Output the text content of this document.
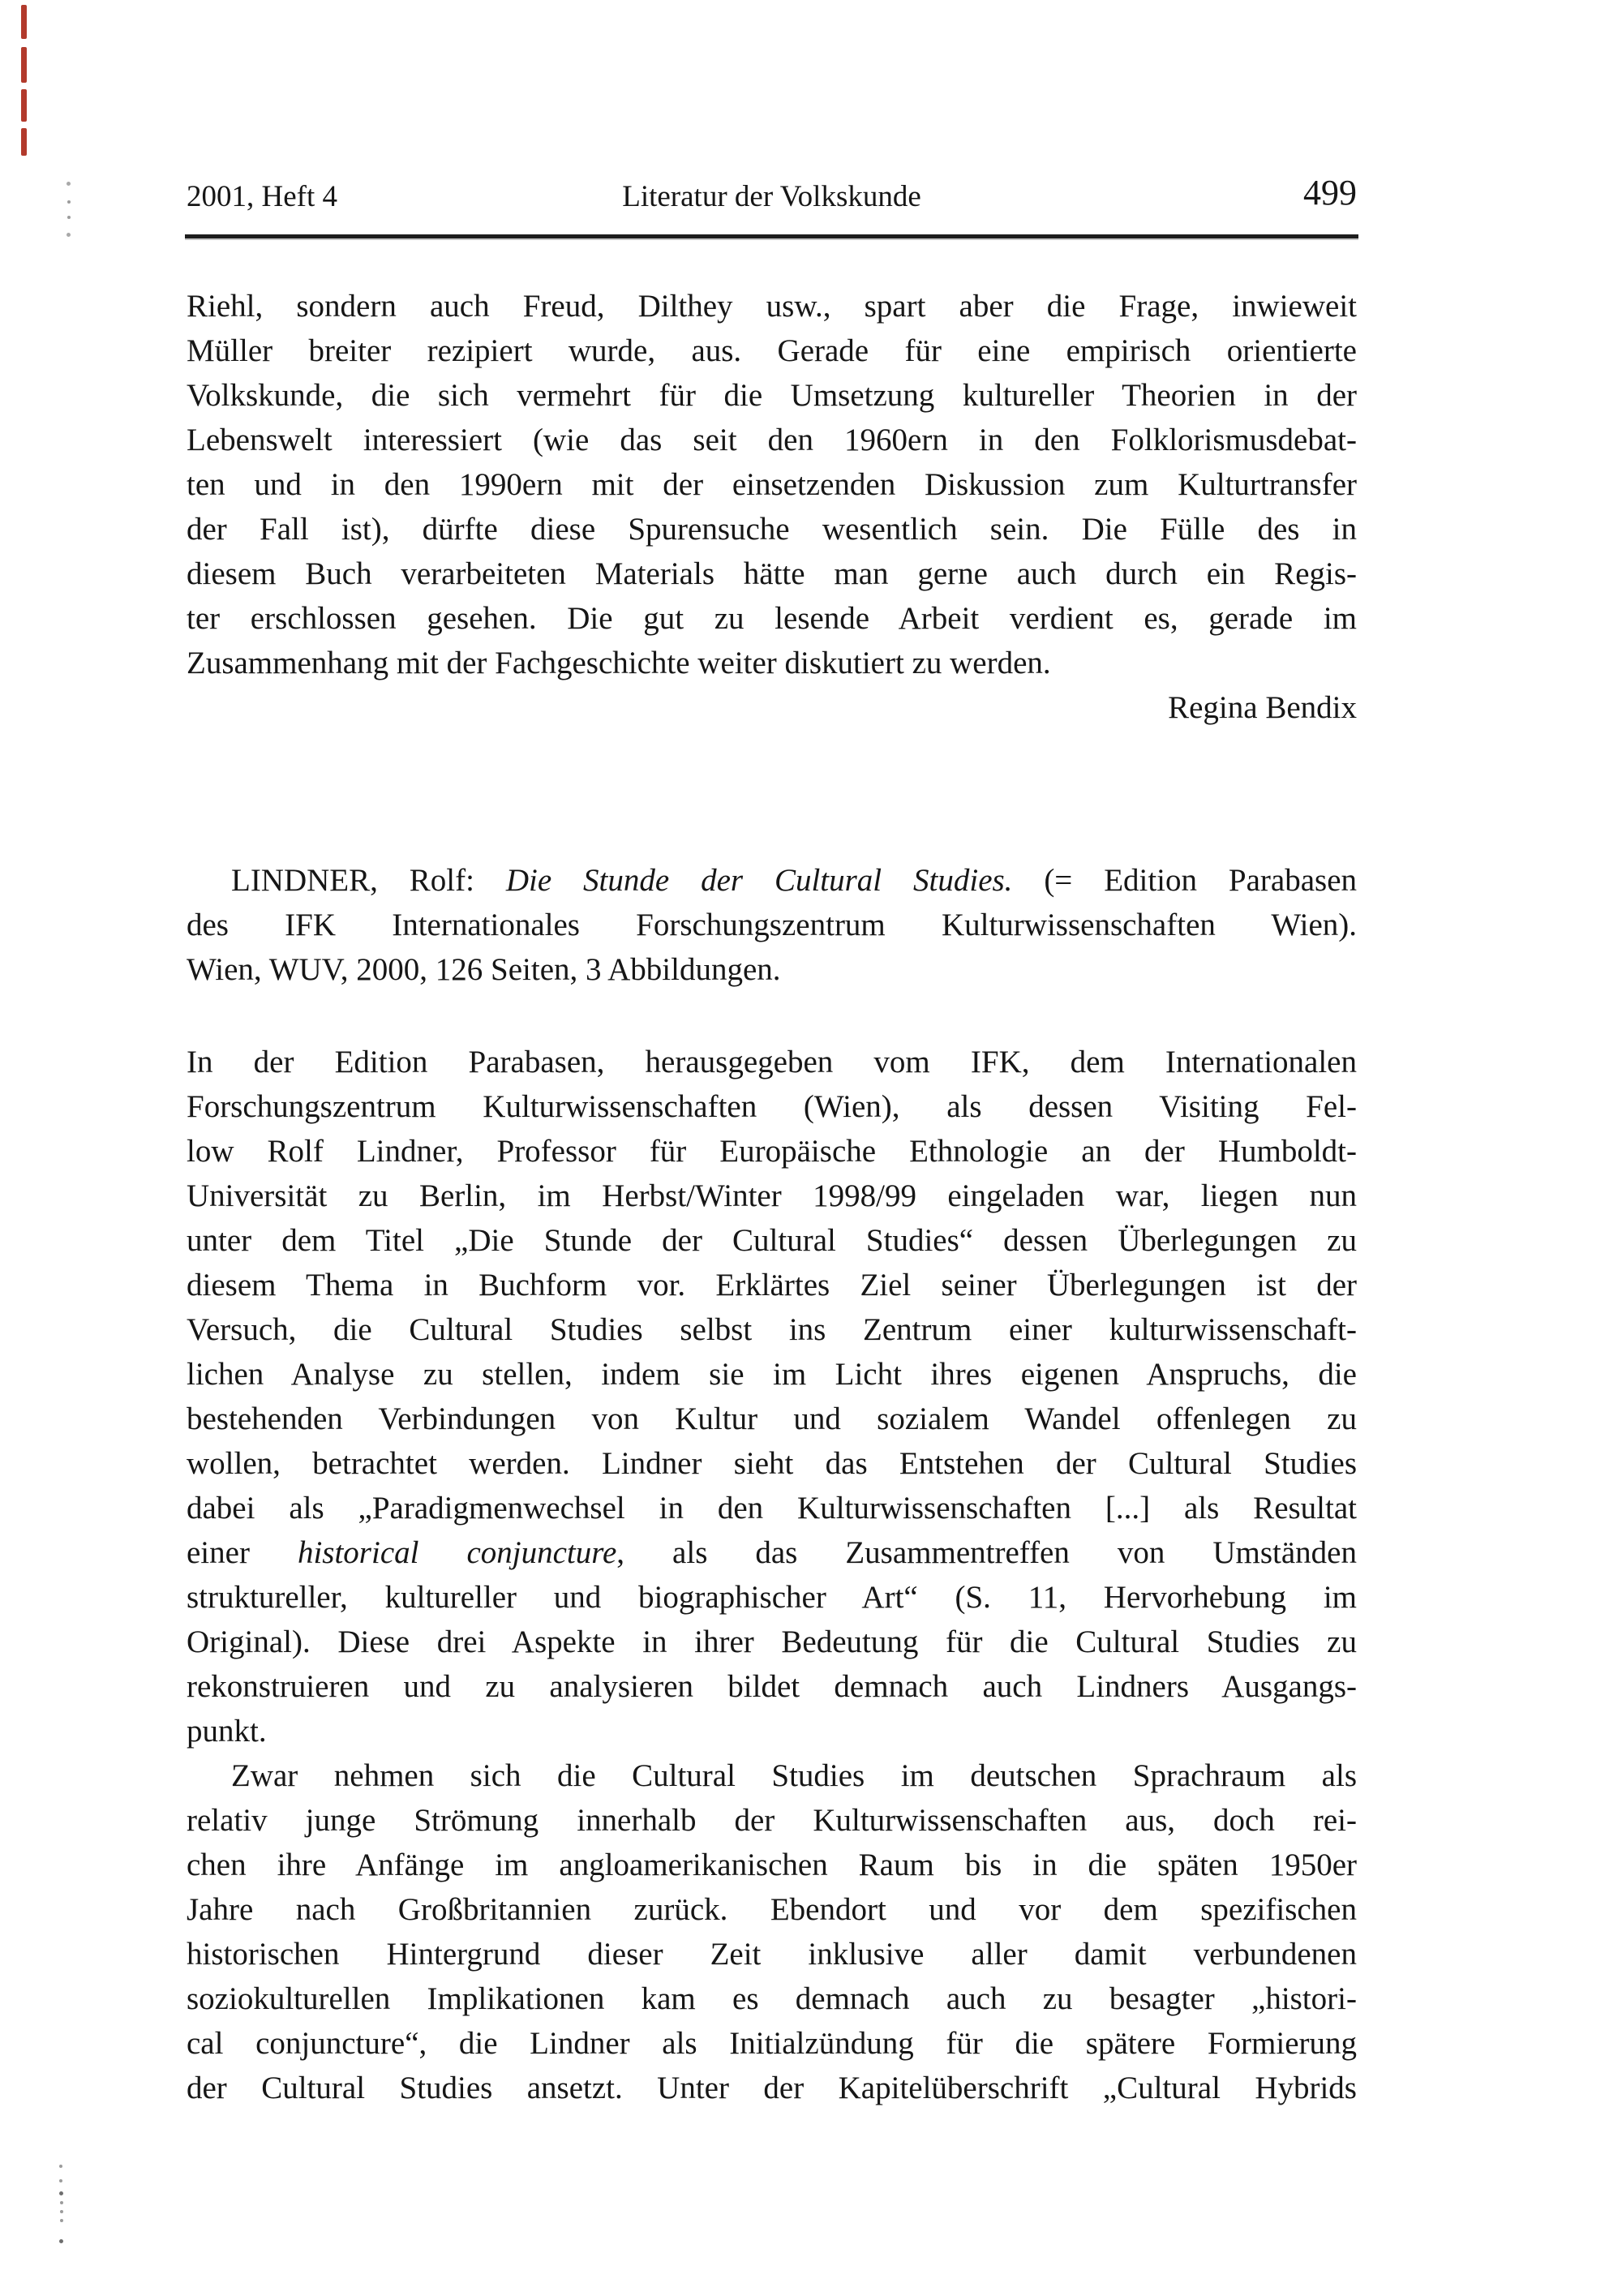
2001, Heft 4	Literatur der Volkskunde	499
Riehl, sondern auch Freud, Dilthey usw., spart aber die Frage, inwieweit
Müller breiter rezipiert wurde, aus. Gerade für eine empirisch orientierte
Volkskunde, die sich vermehrt für die Umsetzung kultureller Theorien in der
Lebenswelt interessiert (wie das seit den 1960ern in den Folklorismusdebat-
ten und in den 1990ern mit der einsetzenden Diskussion zum Kulturtransfer
der Fall ist), dürfte diese Spurensuche wesentlich sein. Die Fülle des in
diesem Buch verarbeiteten Materials hätte man gerne auch durch ein Regis-
ter erschlossen gesehen. Die gut zu lesende Arbeit verdient es, gerade im
Zusammenhang mit der Fachgeschichte weiter diskutiert zu werden.
Regina Bendix
LINDNER, Rolf: Die Stunde der Cultural Studies. (= Edition Parabasen
des IFK Internationales Forschungszentrum Kulturwissenschaften Wien).
Wien, WUV, 2000, 126 Seiten, 3 Abbildungen.
In der Edition Parabasen, herausgegeben vom IFK, dem Internationalen
Forschungszentrum Kulturwissenschaften (Wien), als dessen Visiting Fel-
low Rolf Lindner, Professor für Europäische Ethnologie an der Humboldt-
Universität zu Berlin, im Herbst/Winter 1998/99 eingeladen war, liegen nun
unter dem Titel „Die Stunde der Cultural Studies“ dessen Überlegungen zu
diesem Thema in Buchform vor. Erklärtes Ziel seiner Überlegungen ist der
Versuch, die Cultural Studies selbst ins Zentrum einer kulturwissenschaft-
lichen Analyse zu stellen, indem sie im Licht ihres eigenen Anspruchs, die
bestehenden Verbindungen von Kultur und sozialem Wandel offenlegen zu
wollen, betrachtet werden. Lindner sieht das Entstehen der Cultural Studies
dabei als „Paradigmenwechsel in den Kulturwissenschaften [...] als Resultat
einer historical conjuncture, als das Zusammentreffen von Umständen
struktureller, kultureller und biographischer Art“ (S. 11, Hervorhebung im
Original). Diese drei Aspekte in ihrer Bedeutung für die Cultural Studies zu
rekonstruieren und zu analysieren bildet demnach auch Lindners Ausgangs-
punkt.
Zwar nehmen sich die Cultural Studies im deutschen Sprachraum als
relativ junge Strömung innerhalb der Kulturwissenschaften aus, doch rei-
chen ihre Anfänge im angloamerikanischen Raum bis in die späten 1950er
Jahre nach Großbritannien zurück. Ebendort und vor dem spezifischen
historischen Hintergrund dieser Zeit inklusive aller damit verbundenen
soziokulturellen Implikationen kam es demnach auch zu besagter „histori-
cal conjuncture“, die Lindner als Initialzündung für die spätere Formierung
der Cultural Studies ansetzt. Unter der Kapitelüberschrift „Cultural Hybrids
